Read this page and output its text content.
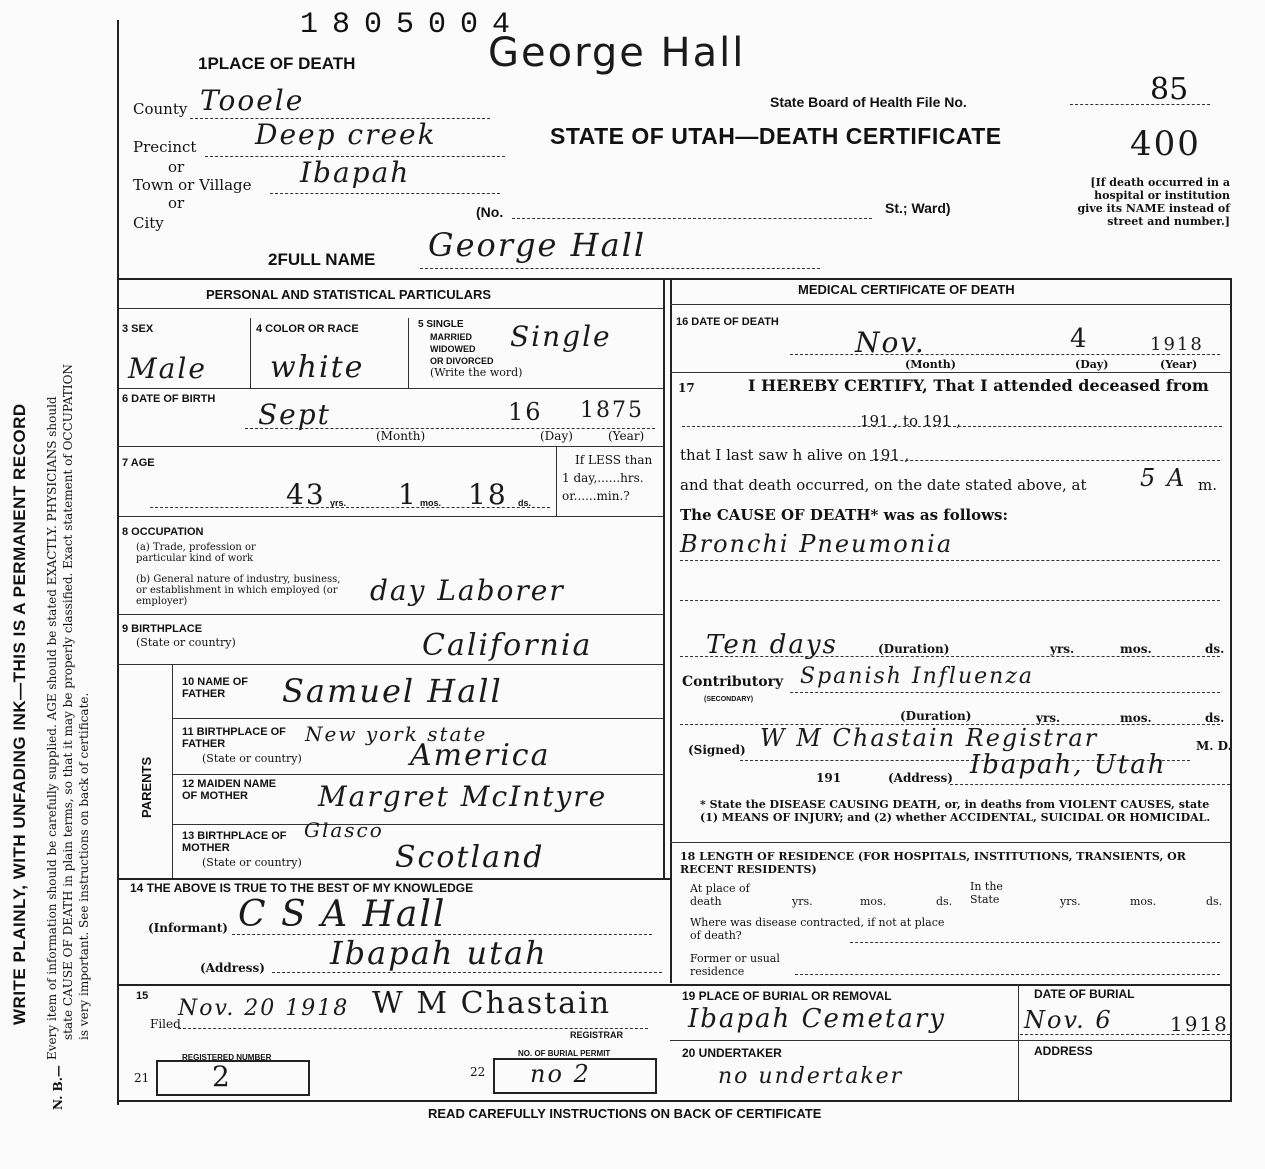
WRITE PLAINLY, WITH UNFADING INK—THIS IS A PERMANENT RECORD
N. B.—
Every item of information should be carefully supplied. AGE should be stated EXACTLY. PHYSICIANS should state CAUSE OF DEATH in plain terms, so that it may be properly classified. Exact statement of OCCUPATION is very important. See instructions on back of certificate.
1805004
George Hall
1PLACE OF DEATH
County Tooele
Precinct Deep creek
or
Town or Village Ibapah
or
City
(No.	St.; Ward)
State Board of Health File No.	85
STATE OF UTAH—DEATH CERTIFICATE	400
[If death occurred in a hospital or institution give its NAME instead of street and number.]
2FULL NAME George Hall
PERSONAL AND STATISTICAL PARTICULARS
3 SEX
Male
4 COLOR OR RACE
white
5 SINGLE
MARRIED
WIDOWED
OR DIVORCED
(Write the word)
Single
6 DATE OF BIRTH Sept	16 1875
(Month)	(Day)	(Year)
7 AGE
43 yrs. 1 mos. 18 ds.
If LESS than
1 day,......hrs.
or......min.?
8 OCCUPATION
(a) Trade, profession or particular kind of work
(b) General nature of industry, business, or establishment in which employed (or employer)	day Laborer
9 BIRTHPLACE
(State or country)	California
PARENTS
10 NAME OF FATHER	Samuel Hall
11 BIRTHPLACE OF FATHER
(State or country)
New york state
America
12 MAIDEN NAME OF MOTHER	Margret McIntyre
13 BIRTHPLACE OF MOTHER
(State or country)
Glasco
Scotland
14 THE ABOVE IS TRUE TO THE BEST OF MY KNOWLEDGE
(Informant) C S A Hall
(Address) Ibapah utah
15
Filed
Nov. 20 1918 W M Chastain
REGISTRAR
REGISTERED NUMBER
21 2
NO. OF BURIAL PERMIT
22 no 2
MEDICAL CERTIFICATE OF DEATH
16 DATE OF DEATH
Nov.	4	1918
(Month)	(Day)	(Year)
17	I HEREBY CERTIFY, That I attended deceased from
191 , to 191 ,
that I last saw h alive on 191 ,
and that death occurred, on the date stated above, at 5 A m.
The CAUSE OF DEATH* was as follows:
Bronchi Pneumonia
Ten days	(Duration)	yrs.	mos.	ds.
Contributory
(SECONDARY)
Spanish Influenza
(Duration)	yrs.	mos.	ds.
(Signed) W M Chastain Registrar	M. D.
191	(Address) Ibapah, Utah
* State the DISEASE CAUSING DEATH, or, in deaths from VIOLENT CAUSES, state (1) MEANS OF INJURY; and (2) whether ACCIDENTAL, SUICIDAL OR HOMICIDAL.
18 LENGTH OF RESIDENCE (FOR HOSPITALS, INSTITUTIONS, TRANSIENTS, OR RECENT RESIDENTS)
At place of death	yrs.	mos.	ds.
In the State	yrs.	mos.	ds.
Where was disease contracted, if not at place of death?
Former or usual residence
19 PLACE OF BURIAL OR REMOVAL
Ibapah Cemetary
DATE OF BURIAL
Nov. 6	1918
20 UNDERTAKER
no undertaker
ADDRESS
READ CAREFULLY INSTRUCTIONS ON BACK OF CERTIFICATE
